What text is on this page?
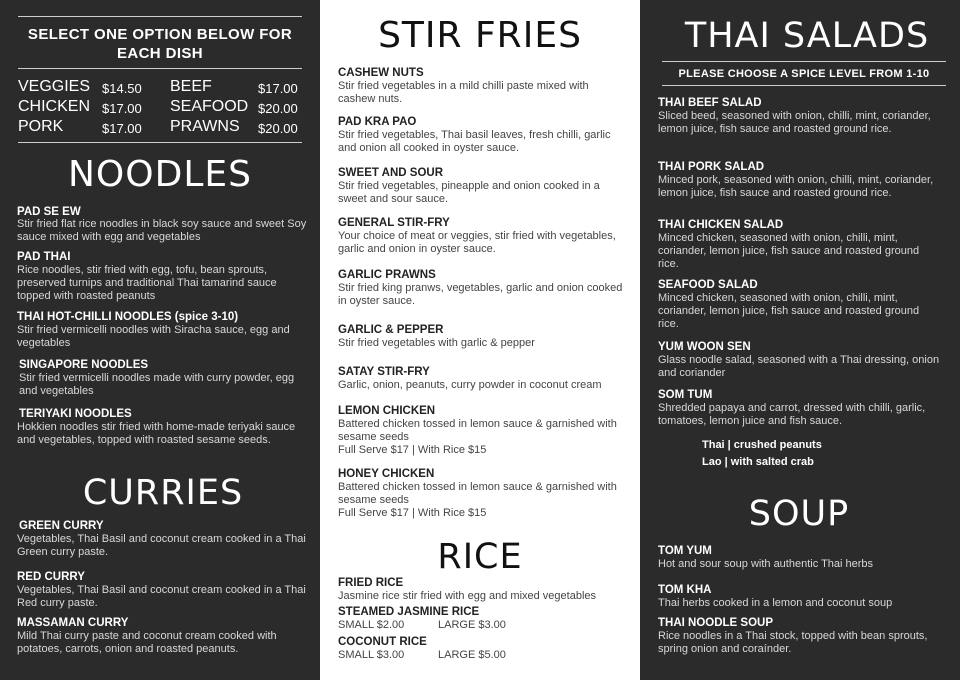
SELECT ONE OPTION BELOW FOR EACH DISH
VEGGIES $14.50 BEEF	$17.00
CHICKEN $17.00 SEAFOOD $20.00
PORK	$17.00 PRAWNS $20.00
NOODLES
PAD SE EW
Stir fried flat rice noodles in black soy sauce and sweet Soy sauce mixed with egg and vegetables
PAD THAI
Rice noodles, stir fried with egg, tofu, bean sprouts, preserved turnips and traditional Thai tamarind sauce topped with roasted peanuts
THAI HOT-CHILLI NOODLES (spice 3-10)
Stir fried vermicelli noodles with Siracha sauce, egg and vegetables
SINGAPORE NOODLES
Stir fried vermicelli noodles made with curry powder, egg and vegetables
TERIYAKI NOODLES
Hokkien noodles stir fried with home-made teriyaki sauce and vegetables, topped with roasted sesame seeds.
CURRIES
GREEN CURRY
Vegetables, Thai Basil and coconut cream cooked in a Thai Green curry paste.
RED CURRY
Vegetables, Thai Basil and coconut cream cooked in a Thai Red curry paste.
MASSAMAN CURRY
Mild Thai curry paste and coconut cream cooked with potatoes, carrots, onion and roasted peanuts.
STIR FRIES
CASHEW NUTS
Stir fried vegetables in a mild chilli paste mixed with cashew nuts.
PAD KRA PAO
Stir fried vegetables, Thai basil leaves, fresh chilli, garlic and onion all cooked in oyster sauce.
SWEET AND SOUR
Stir fried vegetables, pineapple and onion cooked in a sweet and sour sauce.
GENERAL STIR-FRY
Your choice of meat or veggies, stir fried with vegetables, garlic and onion in oyster sauce.
GARLIC PRAWNS
Stir fried king pranws, vegetables, garlic and onion cooked in oyster sauce.
GARLIC & PEPPER
Stir fried vegetables with garlic & pepper
SATAY STIR-FRY
Garlic, onion, peanuts, curry powder in coconut cream
LEMON CHICKEN
Battered chicken tossed in lemon sauce & garnished with sesame seeds
Full Serve $17 | With Rice $15
HONEY CHICKEN
Battered chicken tossed in lemon sauce & garnished with sesame seeds
Full Serve $17 | With Rice $15
RICE
FRIED RICE
Jasmine rice stir fried with egg and mixed vegetables
STEAMED JASMINE RICE
SMALL $2.00	LARGE $3.00
COCONUT RICE
SMALL $3.00	LARGE $5.00
THAI SALADS
PLEASE CHOOSE A SPICE LEVEL FROM 1-10
THAI BEEF SALAD
Sliced beed, seasoned with onion, chilli, mint, coriander, lemon juice, fish sauce and roasted ground rice.
THAI PORK SALAD
Minced pork, seasoned with onion, chilli, mint, coriander, lemon juice, fish sauce and roasted ground rice.
THAI CHICKEN SALAD
Minced chicken, seasoned with onion, chilli, mint, coriander, lemon juice, fish sauce and roasted ground rice.
SEAFOOD SALAD
Minced chicken, seasoned with onion, chilli, mint, coriander, lemon juice, fish sauce and roasted ground rice.
YUM WOON SEN
Glass noodle salad, seasoned with a Thai dressing, onion and coriander
SOM TUM
Shredded papaya and carrot, dressed with chilli, garlic, tomatoes, lemon juice and fish sauce.
Thai | crushed peanuts
Lao | with salted crab
SOUP
TOM YUM
Hot and sour soup with authentic Thai herbs
TOM KHA
Thai herbs cooked in a lemon and coconut soup
THAI NOODLE SOUP
Rice noodles in a Thai stock, topped with bean sprouts, spring onion and coraínder.
